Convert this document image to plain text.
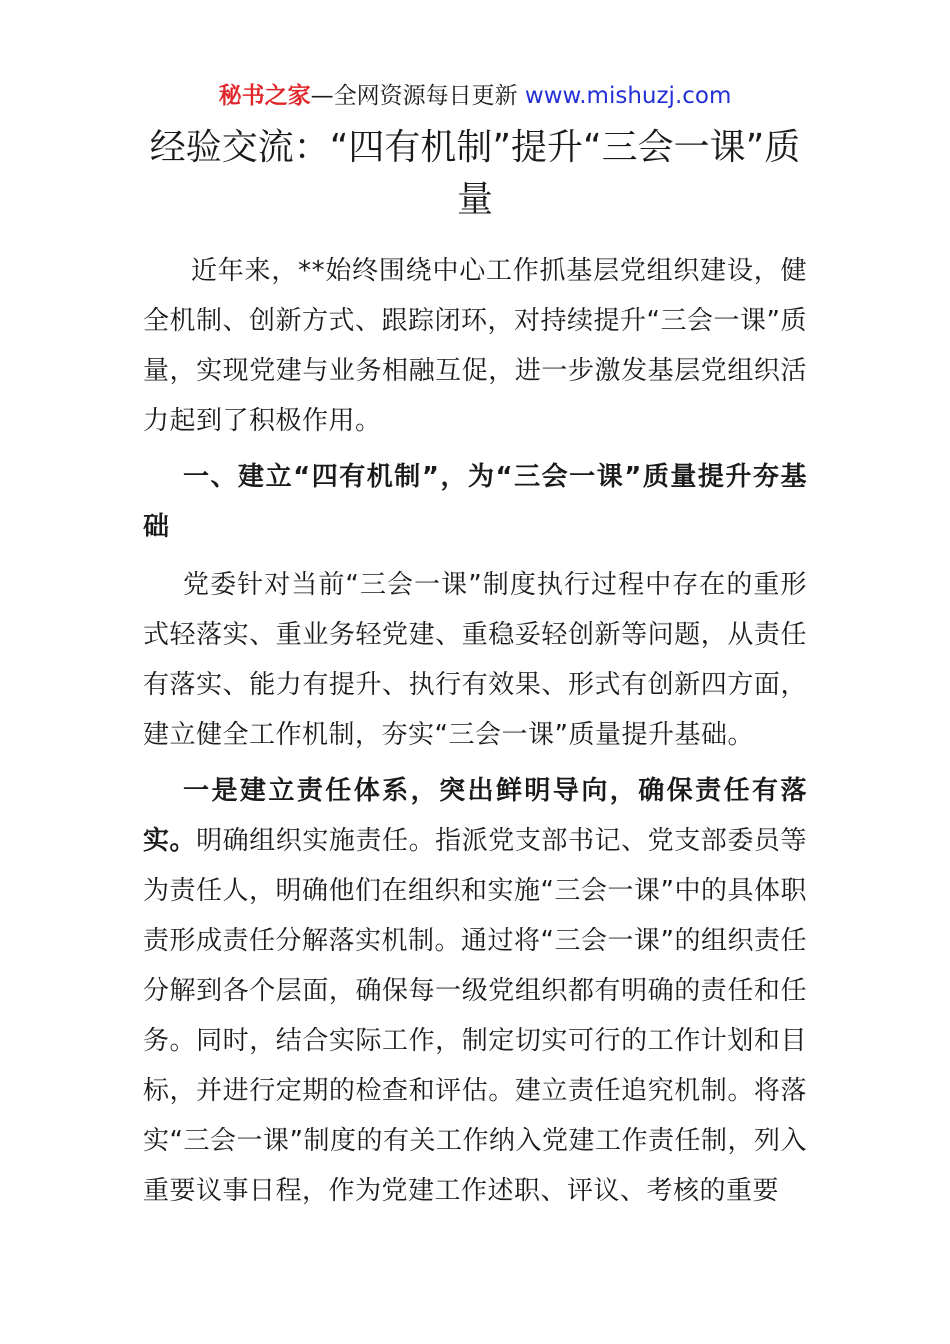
秘书之家—全网资源每日更新 www.mishuzj.com
经验交流：“四有机制”提升“三会一课”质量
近年来，**始终围绕中心工作抓基层党组织建设，健全机制、创新方式、跟踪闭环，对持续提升“三会一课”质量，实现党建与业务相融互促，进一步激发基层党组织活力起到了积极作用。
一、建立“四有机制”，为“三会一课”质量提升夯基础
党委针对当前“三会一课”制度执行过程中存在的重形式轻落实、重业务轻党建、重稳妥轻创新等问题，从责任有落实、能力有提升、执行有效果、形式有创新四方面，建立健全工作机制，夯实“三会一课”质量提升基础。
一是建立责任体系，突出鲜明导向，确保责任有落实。明确组织实施责任。指派党支部书记、党支部委员等为责任人，明确他们在组织和实施“三会一课”中的具体职责形成责任分解落实机制。通过将“三会一课”的组织责任分解到各个层面，确保每一级党组织都有明确的责任和任务。同时，结合实际工作，制定切实可行的工作计划和目标，并进行定期的检查和评估。建立责任追究机制。将落实“三会一课”制度的有关工作纳入党建工作责任制，列入重要议事日程，作为党建工作述职、评议、考核的重要
